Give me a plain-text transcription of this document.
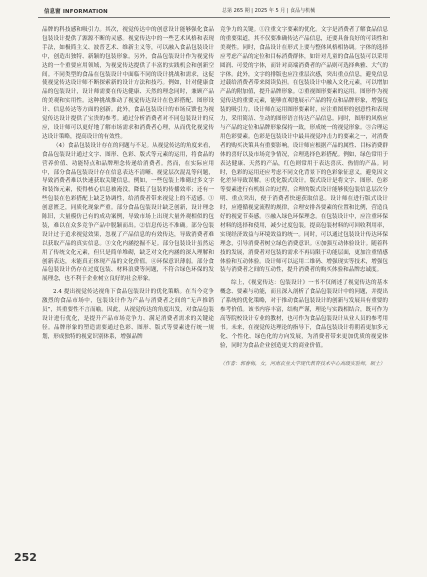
信息窗 INFORMATION	总第 265 期 | 2025 年 5 月 | 食品与机械

品牌的科技感和吸引力。其次，视觉传达中的创意设计能够强化食品包装设计提供了源源不断的灵感。视觉传达中的一些艺术风格和表现手法，如极简主义、波普艺术、维新主义等，可以融入食品包装设计中，创造出独特、新颖的包装形象。另外，食品包装设计作为视觉传达的一个重要应用领域，为视觉传达提供了丰富的实践机会和创新空间。不同类型的食品在包装设计中面临不同的设计挑战和需求，这促使视觉传达设计师不断探索新的设计方法和技巧。例如，针对健康食品的包装设计，设计师需要在传达健康、天然的理念同时，兼顾产品的美观和实用性。这种挑战推动了视觉传达设计在色彩搭配、图形设计、信息传达等方面的创新。此外，食品包装设计的市场反馈也为视觉传达设计提供了宝贵的参考。通过分析消费者对不同包装设计的反应，设计师可以更好地了解市场需求和消费者心理，从而优化视觉传达设计策略，提高设计的有效性。

（4）食品包装设计存在的问题与不足。从视觉传达的角度来看，食品包装设计通过文字、图形、色彩、版式等元素的运用，将食品的营养价值、功能特点和品牌理念传递给消费者。然而，在实际应用中，部分食品包装设计存在信息表达不清晰、视觉层次混乱等问题，导致消费者难以快速获取关键信息。例如，一些包装上堆砌过多文字和装饰元素，使得核心信息被淹没，降低了包装的传播效率；还有一些包装在色彩搭配上缺乏协调性，给消费者带来视觉上的不适感。①创意匮乏，同质化现象严重。部分食品包装设计缺乏创新，设计理念陈旧，大量模仿已有的成功案例，导致市场上出现大量外观相似的包装，难以在众多竞争产品中脱颖而出。②信息传达不准确。部分包装设计过于追求视觉效果，忽视了产品信息的有效传达，导致消费者难以获取产品的真实信息。③文化内涵挖掘不足。部分包装设计虽然运用了传统文化元素，但只是简单堆砌，缺乏对文化内涵的深入理解和创新表达，未能真正体现产品的文化价值。④环保意识薄弱。部分食品包装设计仍存在过度包装、材料浪费等问题，不符合绿色环保的发展理念，也不利于企业树立良好的社会形象。

2.4 提出视觉传达视角下食品包装设计的优化策略。在当今竞争激烈的食品市场中，包装设计作为产品与消费者之间的“无声推销员”，其重要性不言而喻。因此，从视觉传达的角度出发，对食品包装设计进行优化，是提升产品市场竞争力、满足消费者需求的关键途径。品牌形象的塑造需要通过色彩、图形、版式等要素进行统一规划，形成独特的视觉识别体系，增强品牌

竞争力的关键。①注重文字要素的优化。文字是消费者了解食品信息的重要渠道，其不仅要准确传达产品信息，还要具备良好的可读性和美观性。同时，食品设计在形式上要与整体风格相协调。字体的选择应考虑产品的定位和目标消费群体，如针对儿童的食品包装可以采用圆润、可爱的字体，而针对高端消费者的产品则可选择典雅、大气的字体。此外，文字的排版也应注重层次感，突出重点信息，避免信息过载给消费者带来阅读负担。在包装设计中融入文化元素，可以增加产品的附加值，提升品牌形象。②重视图形要素的运用。图形作为视觉传达的重要元素，能够直观地展示产品的特点和品牌形象，增强包装的吸引力。设计师在运用图形要素时，应注重图形的创意性和表现力，采用简洁、生动的图形语言传达产品信息。同时，图形的风格应与产品的定位和品牌形象保持一致，形成统一的视觉形象。③合理运用色彩要素。色彩是包装设计中最具视觉冲击力的要素之一，对消费者的购买决策具有重要影响。设计师应根据产品的属性、目标消费群体的喜好以及市场竞争情况，合理选择色彩搭配。例如，绿色常用于表达健康、天然的产品，红色则常用于表达喜庆、热情的产品。同时，色彩的运用还应考虑不同文化背景下的色彩象征意义，避免因文化差异导致误解。④优化版式设计。版式设计是将文字、图形、色彩等要素进行有机组合的过程，合理的版式设计能够使包装信息层次分明、重点突出，便于消费者快速获取信息。设计师在进行版式设计时，应遵循视觉流程的规律，合理安排各要素的位置和比例，营造良好的视觉节奏感。⑤融入绿色环保理念。在包装设计中，应注重环保材料的选择和使用，减少过度包装，提高包装材料的可回收利用率，实现经济效益与环境效益的统一。同时，可以通过包装设计传达环保理念，引导消费者树立绿色消费意识。⑥加强互动体验设计。随着科技的发展，消费者对包装的需求不再局限于功能层面，更加注重情感体验和互动体验。设计师可以运用二维码、增强现实等技术，增强包装与消费者之间的互动性，提升消费者的购买体验和品牌忠诚度。

综上，《视觉传达：包装设计》一书不仅阐述了视觉传达的基本概念、要素与功能，而且深入剖析了食品包装设计中的问题，并提出了系统的优化策略，对于推动食品包装设计的创新与发展具有重要的参考价值。该书内容丰富，结构严谨，理论与实践相结合，既可作为高等院校设计专业的教材，也可作为食品包装设计从业人员的参考用书。未来，在视觉传达理论的指导下，食品包装设计将朝着更加多元化、个性化、绿色化的方向发展，为消费者带来更加优质的视觉体验，同时为食品企业创造更大的商业价值。

（作者：郭春梅，女，河南农业大学现代教育技术中心高级实验师，硕士）

252
